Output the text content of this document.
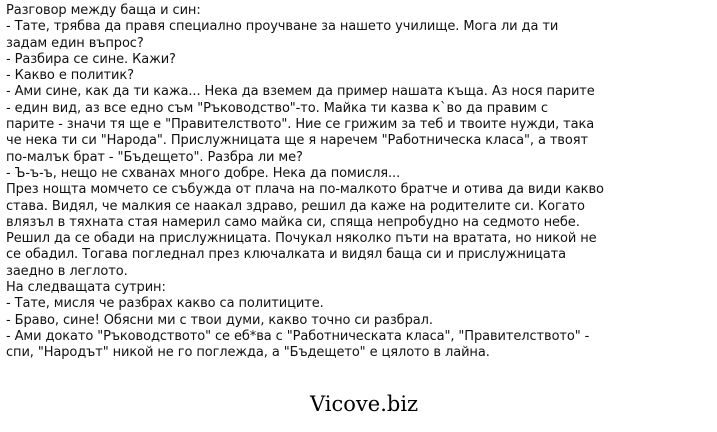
Разговор между баща и син:
- Тате, трябва да правя специално проучване за нашето училище. Мога ли да ти
задам един въпрос?
- Разбира се сине. Кажи?
- Какво е политик?
- Ами сине, как да ти кажа... Нека да вземем да пример нашата къща. Аз нося парите
- един вид, аз все едно съм "Ръководство"-то. Майка ти казва к`во да правим с
парите - значи тя ще е "Правителството". Ние се грижим за теб и твоите нужди, така
че нека ти си "Народа". Прислужницата ще я наречем "Работническа класа", а твоят
по-малък брат - "Бъдещето". Разбра ли ме?
- Ъ-ъ-ъ, нещо не схванах много добре. Нека да помисля...
През нощта момчето се събужда от плача на по-малкото братче и отива да види какво
става. Видял, че малкия се наакал здраво, решил да каже на родителите си. Когато
влязъл в тяхната стая намерил само майка си, спяща непробудно на седмото небе.
Решил да се обади на прислужницата. Почукал няколко пъти на вратата, но никой не
се обадил. Тогава погледнал през ключалката и видял баща си и прислужницата
заедно в леглото.
На следващата сутрин:
- Тате, мисля че разбрах какво са политиците.
- Браво, сине! Обясни ми с твои думи, какво точно си разбрал.
- Ами докато "Ръководството" се еб*ва с "Работническата класа", "Правителството" -
спи, "Народът" никой не го поглежда, а "Бъдещето" е цялото в лайна.
Vicove.biz
